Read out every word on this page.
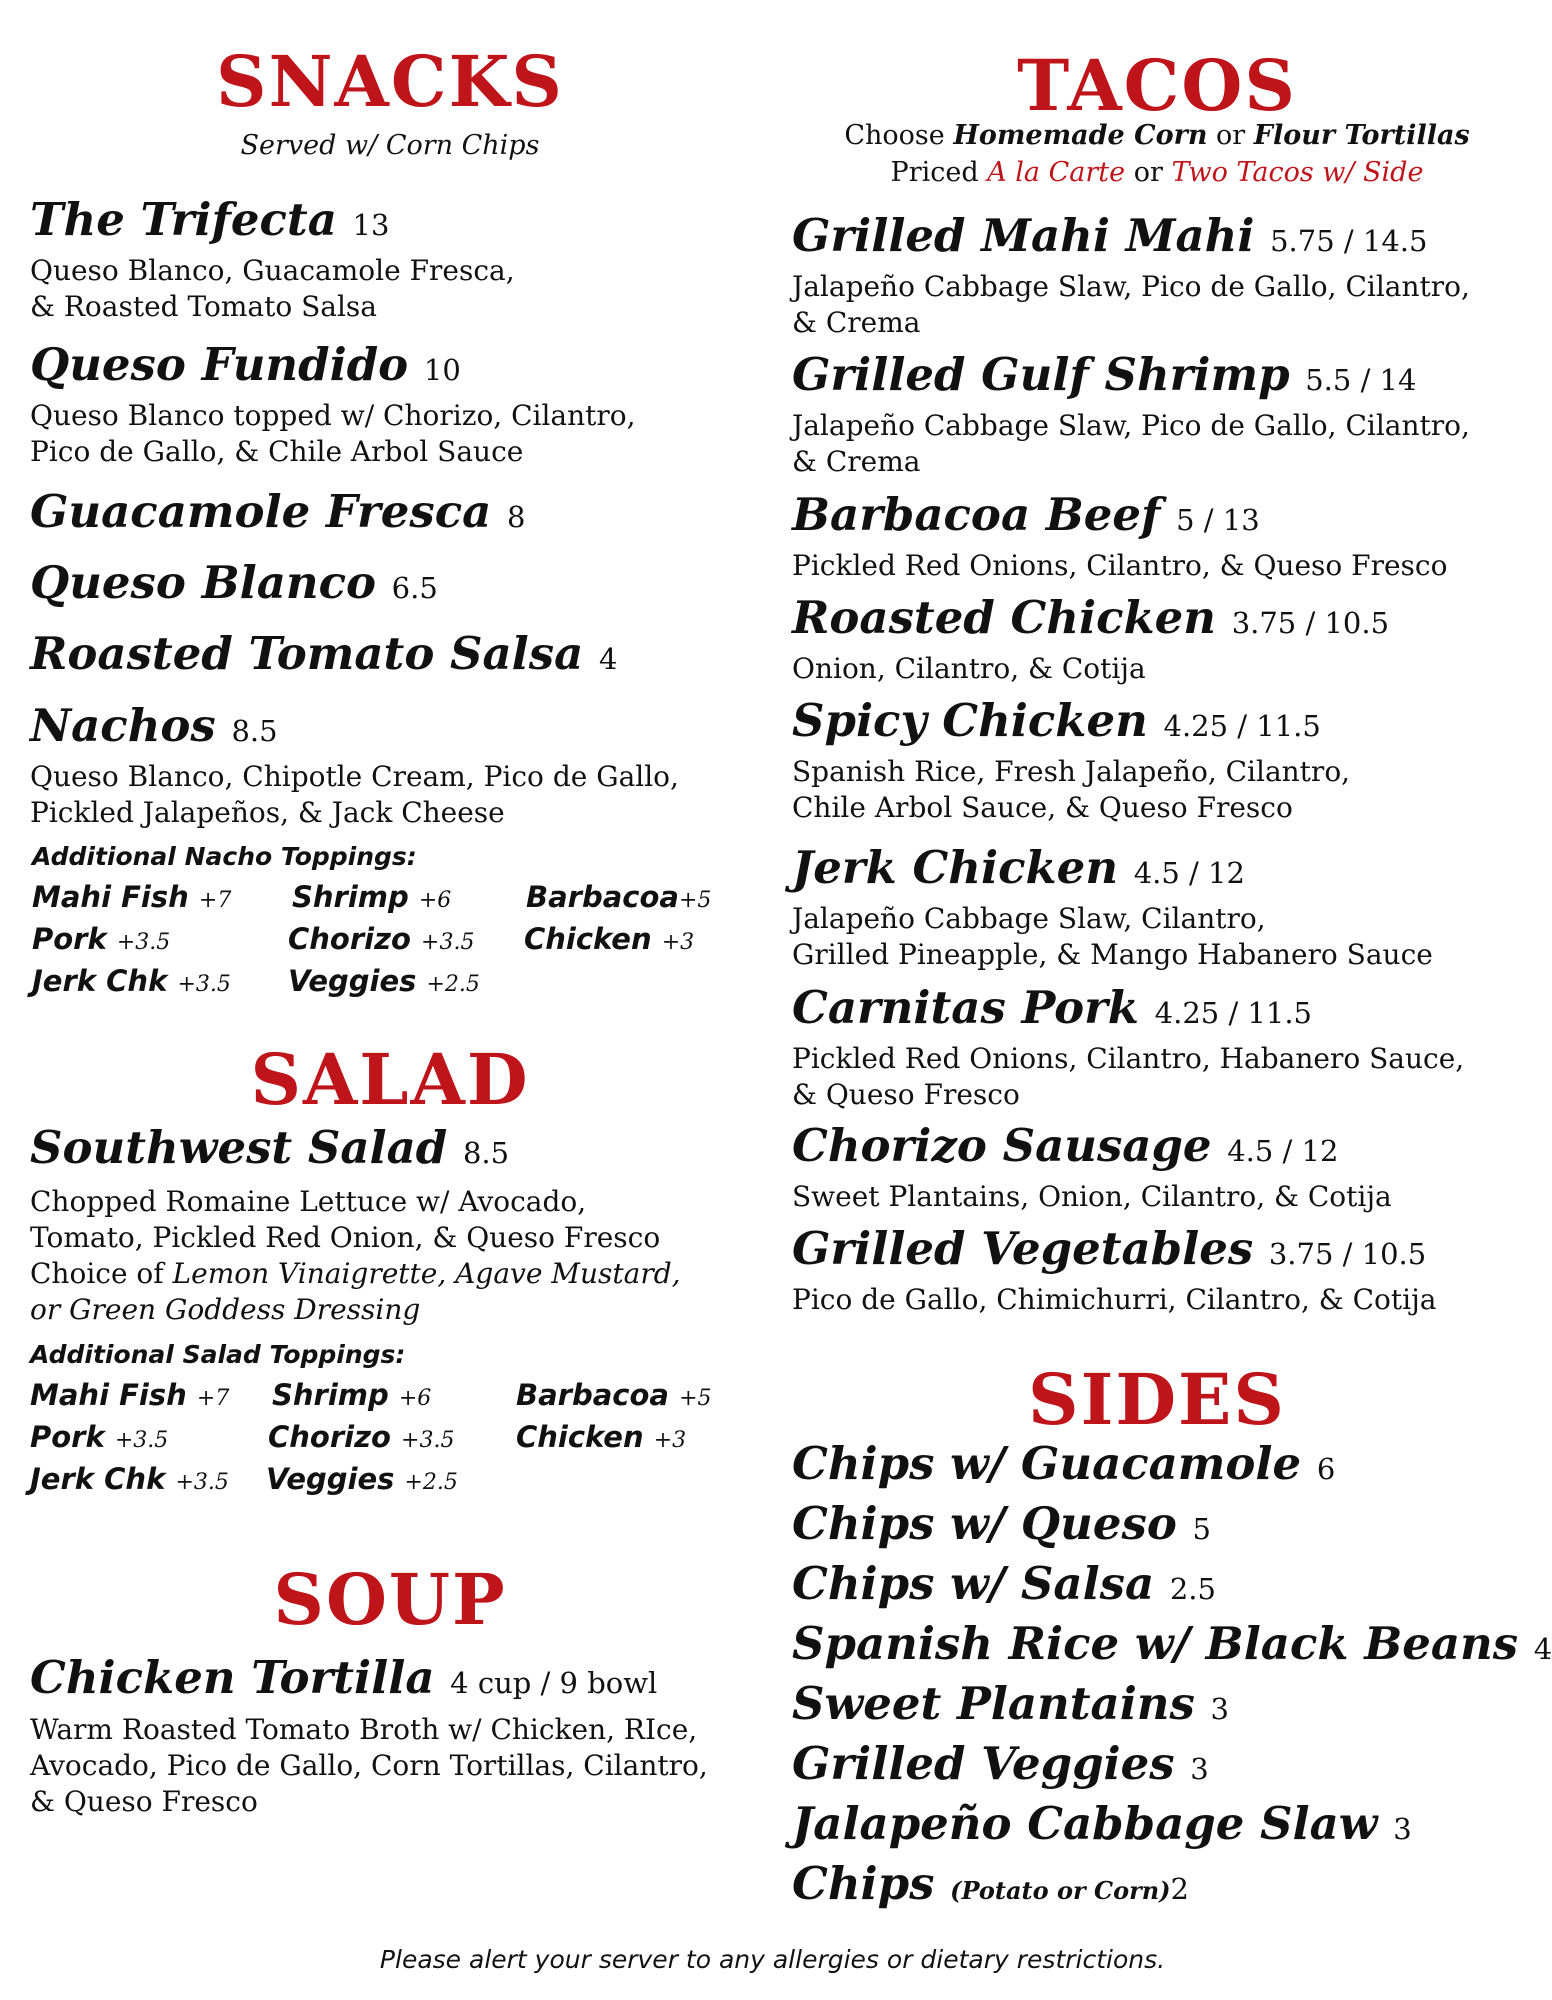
SNACKS
Served w/ Corn Chips
The Trifecta 13
Queso Blanco, Guacamole Fresca,
& Roasted Tomato Salsa
Queso Fundido 10
Queso Blanco topped w/ Chorizo, Cilantro,
Pico de Gallo, & Chile Arbol Sauce
Guacamole Fresca 8
Queso Blanco 6.5
Roasted Tomato Salsa 4
Nachos 8.5
Queso Blanco, Chipotle Cream, Pico de Gallo,
Pickled Jalapeños, & Jack Cheese
Additional Nacho Toppings:
Mahi Fish +7 Shrimp +6	Barbacoa+5
Pork +3.5	Chorizo +3.5 Chicken +3
Jerk Chk +3.5 Veggies +2.5
SALAD
Southwest Salad 8.5
Chopped Romaine Lettuce w/ Avocado,
Tomato, Pickled Red Onion, & Queso Fresco
Choice of Lemon Vinaigrette, Agave Mustard,
or Green Goddess Dressing
Additional Salad Toppings:
Mahi Fish +7 Shrimp +6	Barbacoa +5
Pork +3.5	Chorizo +3.5 Chicken +3
Jerk Chk +3.5 Veggies +2.5
SOUP
Chicken Tortilla 4 cup / 9 bowl
Warm Roasted Tomato Broth w/ Chicken, RIce,
Avocado, Pico de Gallo, Corn Tortillas, Cilantro,
& Queso Fresco
TACOS
Choose Homemade Corn or Flour Tortillas
Priced A la Carte or Two Tacos w/ Side
Grilled Mahi Mahi 5.75 / 14.5
Jalapeño Cabbage Slaw, Pico de Gallo, Cilantro,
& Crema
Grilled Gulf Shrimp 5.5 / 14
Jalapeño Cabbage Slaw, Pico de Gallo, Cilantro,
& Crema
Barbacoa Beef 5 / 13
Pickled Red Onions, Cilantro, & Queso Fresco
Roasted Chicken 3.75 / 10.5
Onion, Cilantro, & Cotija
Spicy Chicken 4.25 / 11.5
Spanish Rice, Fresh Jalapeño, Cilantro,
Chile Arbol Sauce, & Queso Fresco
Jerk Chicken 4.5 / 12
Jalapeño Cabbage Slaw, Cilantro,
Grilled Pineapple, & Mango Habanero Sauce
Carnitas Pork 4.25 / 11.5
Pickled Red Onions, Cilantro, Habanero Sauce,
& Queso Fresco
Chorizo Sausage 4.5 / 12
Sweet Plantains, Onion, Cilantro, & Cotija
Grilled Vegetables 3.75 / 10.5
Pico de Gallo, Chimichurri, Cilantro, & Cotija
SIDES
Chips w/ Guacamole 6
Chips w/ Queso 5
Chips w/ Salsa 2.5
Spanish Rice w/ Black Beans 4
Sweet Plantains 3
Grilled Veggies 3
Jalapeño Cabbage Slaw 3
Chips (Potato or Corn)2
Please alert your server to any allergies or dietary restrictions.
